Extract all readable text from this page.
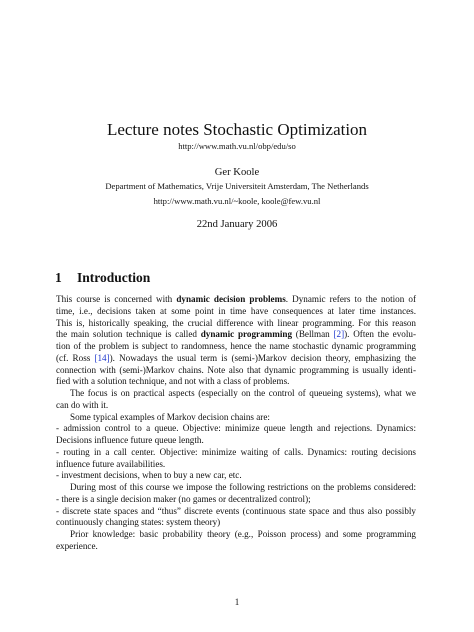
Lecture notes Stochastic Optimization
http://www.math.vu.nl/obp/edu/so
Ger Koole
Department of Mathematics, Vrije Universiteit Amsterdam, The Netherlands
http://www.math.vu.nl/~koole, koole@few.vu.nl
22nd January 2006
1 Introduction
This course is concerned with dynamic decision problems. Dynamic refers to the notion of
time, i.e., decisions taken at some point in time have consequences at later time instances.
This is, historically speaking, the crucial difference with linear programming. For this reason
the main solution technique is called dynamic programming (Bellman [2]). Often the evolu-
tion of the problem is subject to randomness, hence the name stochastic dynamic programming
(cf. Ross [14]). Nowadays the usual term is (semi-)Markov decision theory, emphasizing the
connection with (semi-)Markov chains. Note also that dynamic programming is usually identi-
fied with a solution technique, and not with a class of problems.
The focus is on practical aspects (especially on the control of queueing systems), what we
can do with it.
Some typical examples of Markov decision chains are:
- admission control to a queue. Objective: minimize queue length and rejections. Dynamics:
Decisions influence future queue length.
- routing in a call center. Objective: minimize waiting of calls. Dynamics: routing decisions
influence future availabilities.
- investment decisions, when to buy a new car, etc.
During most of this course we impose the following restrictions on the problems considered:
- there is a single decision maker (no games or decentralized control);
- discrete state spaces and “thus” discrete events (continuous state space and thus also possibly
continuously changing states: system theory)
Prior knowledge: basic probability theory (e.g., Poisson process) and some programming
experience.
1
